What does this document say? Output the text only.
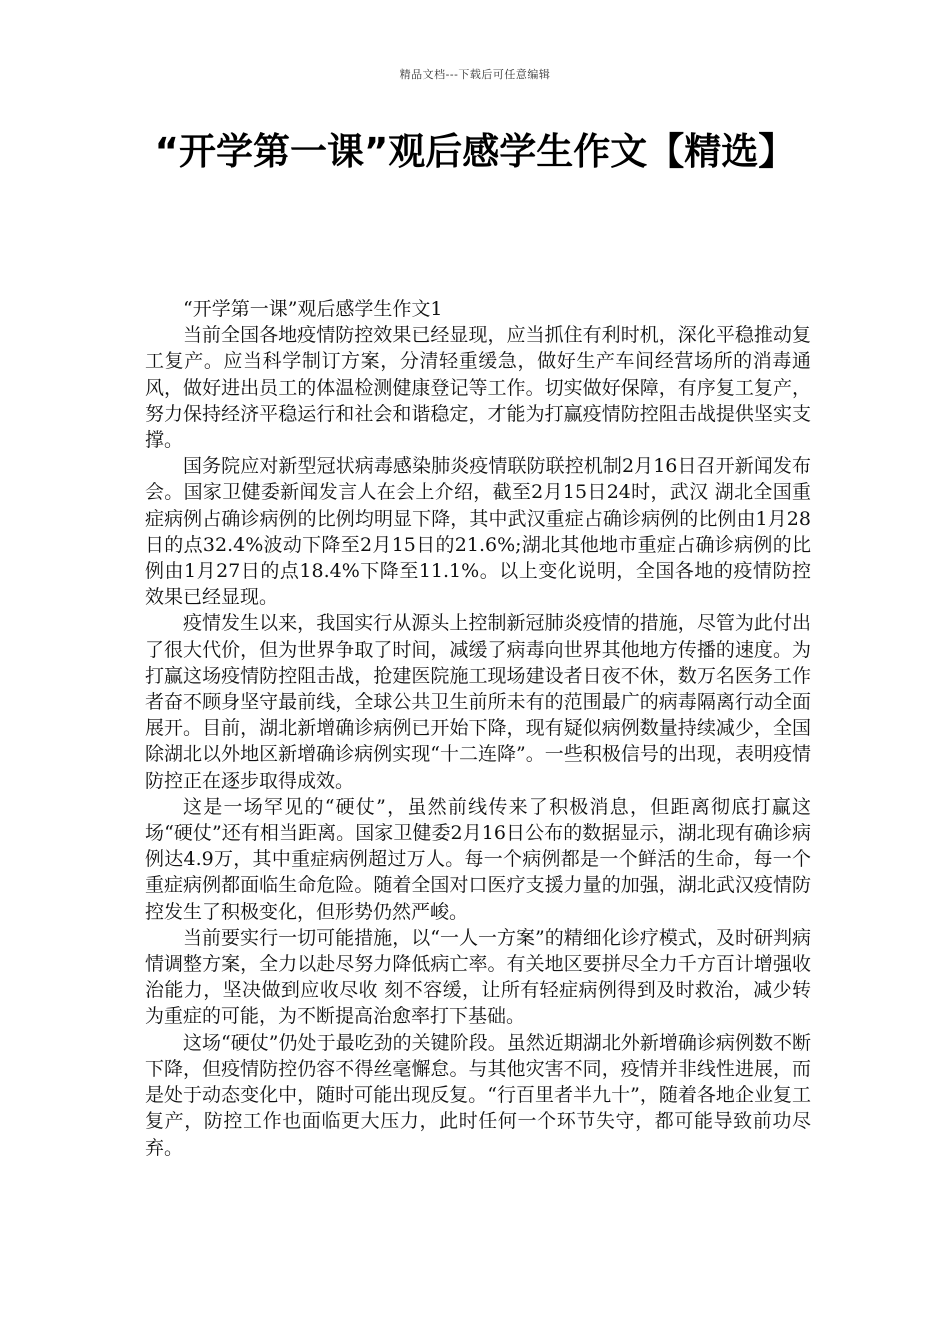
精品文档---下载后可任意编辑
“开学第一课”观后感学生作文【精选】

“开学第一课”观后感学生作文1

当前全国各地疫情防控效果已经显现，应当抓住有利时机，深化平稳推动复工复产。应当科学制订方案，分清轻重缓急，做好生产车间经营场所的消毒通风，做好进出员工的体温检测健康登记等工作。切实做好保障，有序复工复产，努力保持经济平稳运行和社会和谐稳定，才能为打赢疫情防控阻击战提供坚实支撑。

国务院应对新型冠状病毒感染肺炎疫情联防联控机制2月16日召开新闻发布会。国家卫健委新闻发言人在会上介绍，截至2月15日24时，武汉 湖北全国重症病例占确诊病例的比例均明显下降，其中武汉重症占确诊病例的比例由1月28日的点32.4%波动下降至2月15日的21.6%;湖北其他地市重症占确诊病例的比例由1月27日的点18.4%下降至11.1%。以上变化说明，全国各地的疫情防控效果已经显现。

疫情发生以来，我国实行从源头上控制新冠肺炎疫情的措施，尽管为此付出了很大代价，但为世界争取了时间，减缓了病毒向世界其他地方传播的速度。为打赢这场疫情防控阻击战，抢建医院施工现场建设者日夜不休，数万名医务工作者奋不顾身坚守最前线，全球公共卫生前所未有的范围最广的病毒隔离行动全面展开。目前，湖北新增确诊病例已开始下降，现有疑似病例数量持续减少，全国除湖北以外地区新增确诊病例实现“十二连降”。一些积极信号的出现，表明疫情防控正在逐步取得成效。

这是一场罕见的“硬仗”，虽然前线传来了积极消息，但距离彻底打赢这场“硬仗”还有相当距离。国家卫健委2月16日公布的数据显示，湖北现有确诊病例达4.9万，其中重症病例超过万人。每一个病例都是一个鲜活的生命，每一个重症病例都面临生命危险。随着全国对口医疗支援力量的加强，湖北武汉疫情防控发生了积极变化，但形势仍然严峻。

当前要实行一切可能措施，以“一人一方案”的精细化诊疗模式，及时研判病情调整方案，全力以赴尽努力降低病亡率。有关地区要拼尽全力千方百计增强收治能力，坚决做到应收尽收 刻不容缓，让所有轻症病例得到及时救治，减少转为重症的可能，为不断提高治愈率打下基础。

这场“硬仗”仍处于最吃劲的关键阶段。虽然近期湖北外新增确诊病例数不断下降，但疫情防控仍容不得丝毫懈怠。与其他灾害不同，疫情并非线性进展，而是处于动态变化中，随时可能出现反复。“行百里者半九十”，随着各地企业复工复产，防控工作也面临更大压力，此时任何一个环节失守，都可能导致前功尽弃。
